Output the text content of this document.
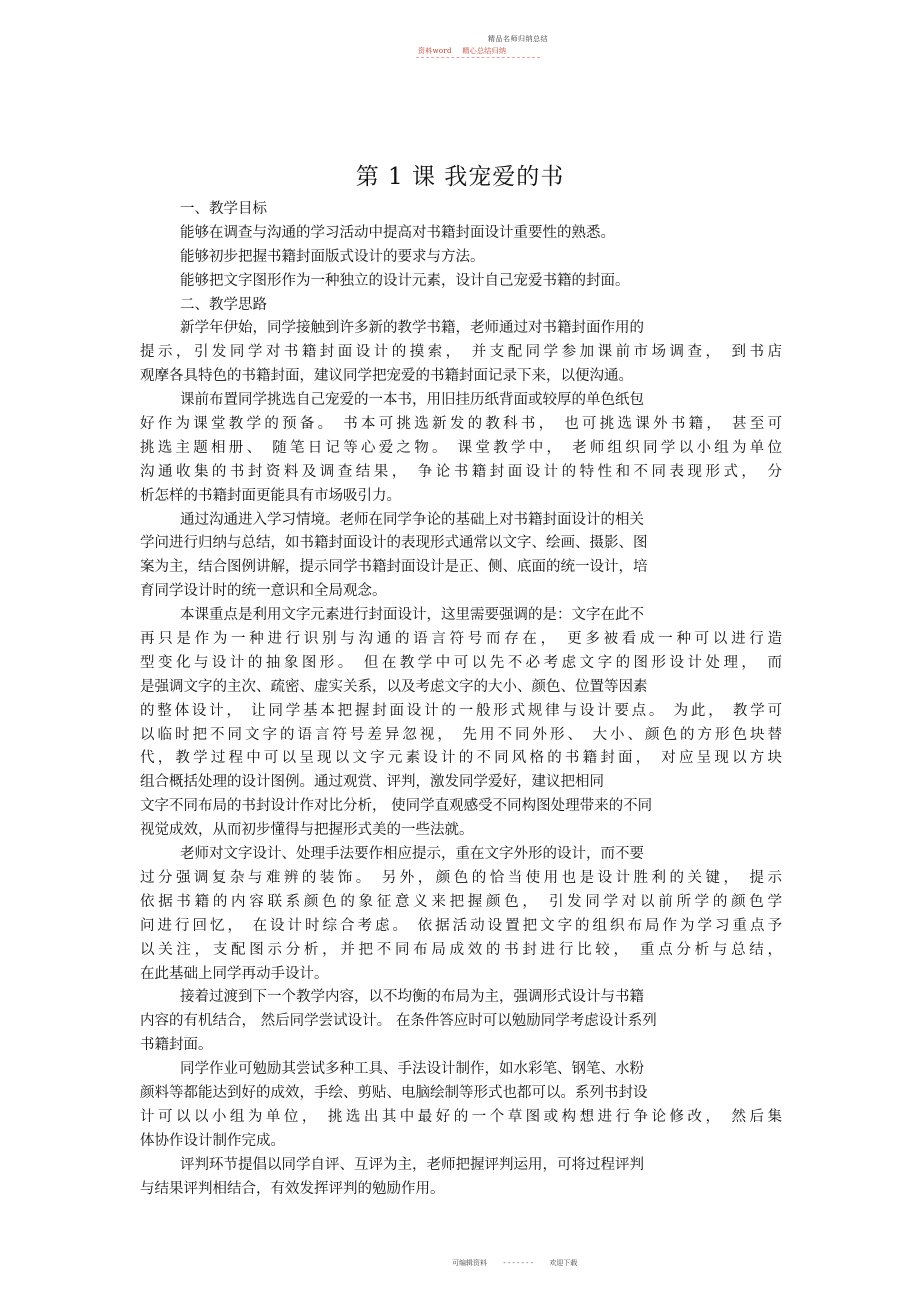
精品名师归纳总结
资料word 精心总结归纳
第 1 课 我宠爱的书
一、教学目标
能够在调查与沟通的学习活动中提高对书籍封面设计重要性的熟悉。
能够初步把握书籍封面版式设计的要求与方法。
能够把文字图形作为一种独立的设计元素，设计自己宠爱书籍的封面。
二、教学思路
新学年伊始，同学接触到许多新的教学书籍，老师通过对书籍封面作用的
提示，引发同学对书籍封面设计的摸索， 并支配同学参加课前市场调查， 到书店
观摩各具特色的书籍封面，建议同学把宠爱的书籍封面记录下来，以便沟通。
课前布置同学挑选自己宠爱的一本书，用旧挂历纸背面或较厚的单色纸包
好作为课堂教学的预备。 书本可挑选新发的教科书， 也可挑选课外书籍， 甚至可
挑选主题相册、 随笔日记等心爱之物。 课堂教学中， 老师组织同学以小组为单位
沟通收集的书封资料及调查结果， 争论书籍封面设计的特性和不同表现形式， 分
析怎样的书籍封面更能具有市场吸引力。
通过沟通进入学习情境。老师在同学争论的基础上对书籍封面设计的相关
学问进行归纳与总结，如书籍封面设计的表现形式通常以文字、绘画、摄影、图
案为主，结合图例讲解，提示同学书籍封面设计是正、侧、底面的统一设计，培
育同学设计时的统一意识和全局观念。
本课重点是利用文字元素进行封面设计，这里需要强调的是：文字在此不
再只是作为一种进行识别与沟通的语言符号而存在， 更多被看成一种可以进行造
型变化与设计的抽象图形。 但在教学中可以先不必考虑文字的图形设计处理， 而
是强调文字的主次、疏密、虚实关系，以及考虑文字的大小、颜色、位置等因素
的整体设计， 让同学基本把握封面设计的一般形式规律与设计要点。 为此， 教学可
以临时把不同文字的语言符号差异忽视， 先用不同外形、 大小、颜色的方形色块替
代，教学过程中可以呈现以文字元素设计的不同风格的书籍封面， 对应呈现以方块
组合概括处理的设计图例。通过观赏、评判，激发同学爱好，建议把相同
文字不同布局的书封设计作对比分析， 使同学直观感受不同构图处理带来的不同
视觉成效，从而初步懂得与把握形式美的一些法就。
老师对文字设计、处理手法要作相应提示，重在文字外形的设计，而不要
过分强调复杂与难辨的装饰。 另外，颜色的恰当使用也是设计胜利的关键， 提示
依据书籍的内容联系颜色的象征意义来把握颜色， 引发同学对以前所学的颜色学
问进行回忆， 在设计时综合考虑。 依据活动设置把文字的组织布局作为学习重点予
以关注，支配图示分析，并把不同布局成效的书封进行比较， 重点分析与总结，
在此基础上同学再动手设计。
接着过渡到下一个教学内容，以不均衡的布局为主，强调形式设计与书籍
内容的有机结合， 然后同学尝试设计。 在条件答应时可以勉励同学考虑设计系列
书籍封面。
同学作业可勉励其尝试多种工具、手法设计制作，如水彩笔、钢笔、水粉
颜料等都能达到好的成效，手绘、剪贴、电脑绘制等形式也都可以。系列书封设
计可以以小组为单位， 挑选出其中最好的一个草图或构想进行争论修改， 然后集
体协作设计制作完成。
评判环节提倡以同学自评、互评为主，老师把握评判运用，可将过程评判
与结果评判相结合，有效发挥评判的勉励作用。
可编辑资料 - - - - - - - 欢迎下载
